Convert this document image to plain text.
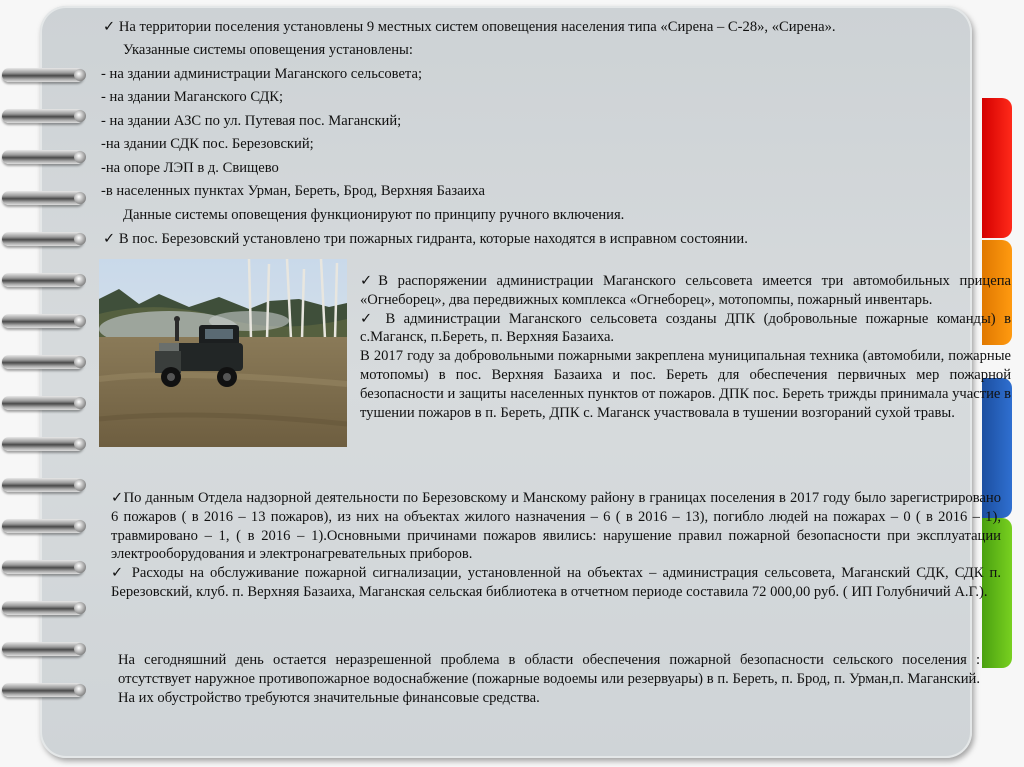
✓ На территории поселения установлены 9 местных систем оповещения населения типа «Сирена – С-28», «Сирена».
Указанные системы оповещения установлены:
- на здании администрации Маганского сельсовета;
- на здании Маганского СДК;
- на здании АЗС по ул. Путевая пос. Маганский;
-на здании СДК пос. Березовский;
-на опоре ЛЭП в д. Свищево
-в населенных пунктах Урман, Береть, Брод, Верхняя Базаиха
Данные системы оповещения функционируют по принципу ручного включения.
✓ В пос. Березовский установлено три пожарных гидранта, которые находятся в исправном состоянии.
✓В распоряжении администрации Маганского сельсовета имеется три автомобильных прицепа «Огнеборец», два передвижных комплекса «Огнеборец», мотопомпы, пожарный инвентарь.
✓ В администрации Маганского сельсовета созданы ДПК (добровольные пожарные команды) в с.Маганск, п.Береть, п. Верхняя Базаиха.
В 2017 году за добровольными пожарными закреплена муниципальная техника (автомобили, пожарные мотопомы) в пос. Верхняя Базаиха и пос. Береть для обеспечения первичных мер пожарной безопасности и защиты населенных пунктов от пожаров. ДПК пос. Береть трижды принимала участие в тушении пожаров в п. Береть, ДПК с. Маганск участвовала в тушении возгораний сухой травы.
✓По данным Отдела надзорной деятельности по Березовскому и Манскому району в границах поселения в 2017 году было зарегистрировано 6 пожаров ( в 2016 – 13 пожаров), из них на объектах жилого назначения – 6 ( в 2016 – 13), погибло людей на пожарах – 0 ( в 2016 – 1), травмировано – 1, ( в 2016 – 1).Основными причинами пожаров явились: нарушение правил пожарной безопасности при эксплуатации электрооборудования и электронагревательных приборов.
✓ Расходы на обслуживание пожарной сигнализации, установленной на объектах – администрация сельсовета, Маганский СДК, СДК п. Березовский, клуб. п. Верхняя Базаиха, Маганская сельская библиотека в отчетном периоде составила 72 000,00 руб. ( ИП Голубничий А.Г.).
На сегодняшний день остается неразрешенной проблема в области обеспечения пожарной безопасности сельского поселения : отсутствует наружное противопожарное водоснабжение (пожарные водоемы или резервуары) в п. Береть, п. Брод, п. Урман,п. Маганский. На их обустройство требуются значительные финансовые средства.
